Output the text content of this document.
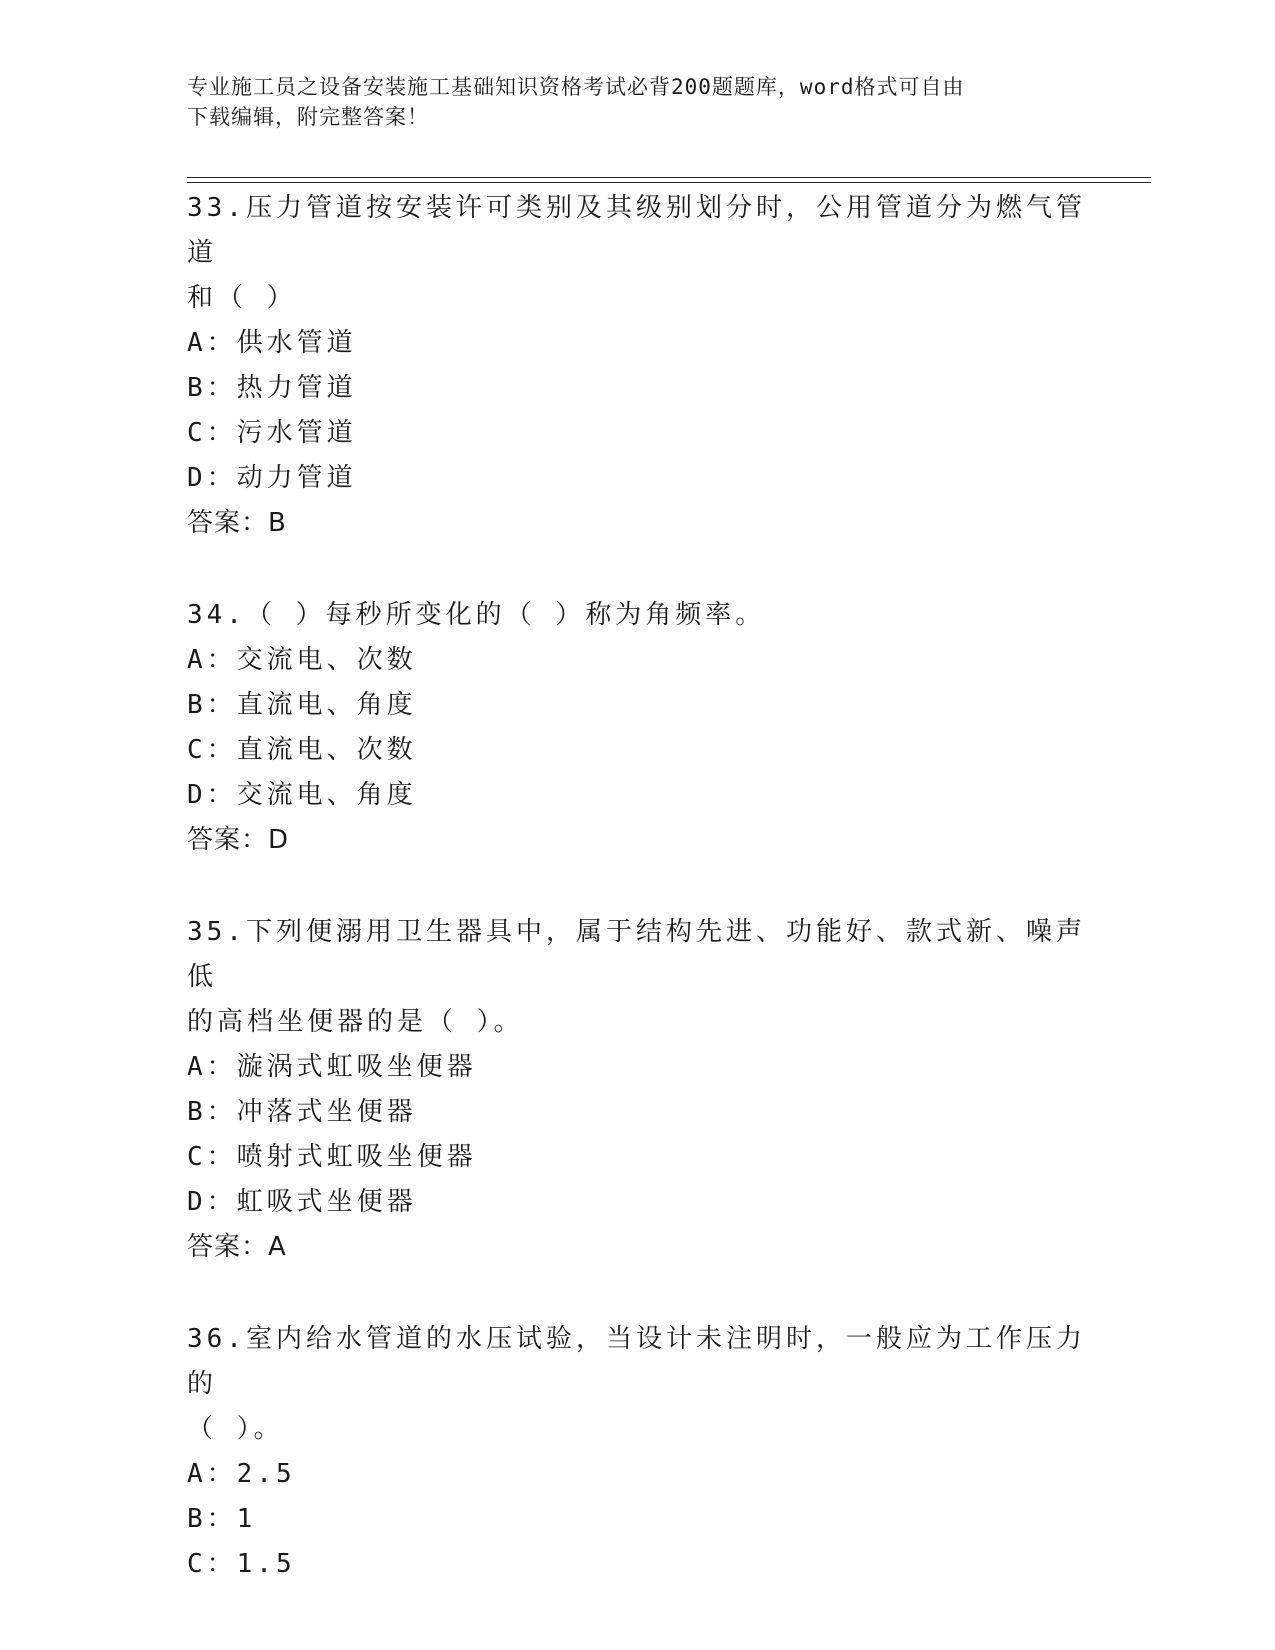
专业施工员之设备安装施工基础知识资格考试必背200题题库，word格式可自由
下载编辑，附完整答案！

33.压力管道按安装许可类别及其级别划分时，公用管道分为燃气管道

和（ ）

A：供水管道

B：热力管道

C：污水管道

D：动力管道

答案：B

34.（ ）每秒所变化的（ ）称为角频率。

A：交流电、次数

B：直流电、角度

C：直流电、次数

D：交流电、角度

答案：D

35.下列便溺用卫生器具中，属于结构先进、功能好、款式新、噪声低

的高档坐便器的是（ ）。

A：漩涡式虹吸坐便器

B：冲落式坐便器

C：喷射式虹吸坐便器

D：虹吸式坐便器

答案：A

36.室内给水管道的水压试验，当设计未注明时，一般应为工作压力的

（ ）。

A：2.5

B：1

C：1.5
